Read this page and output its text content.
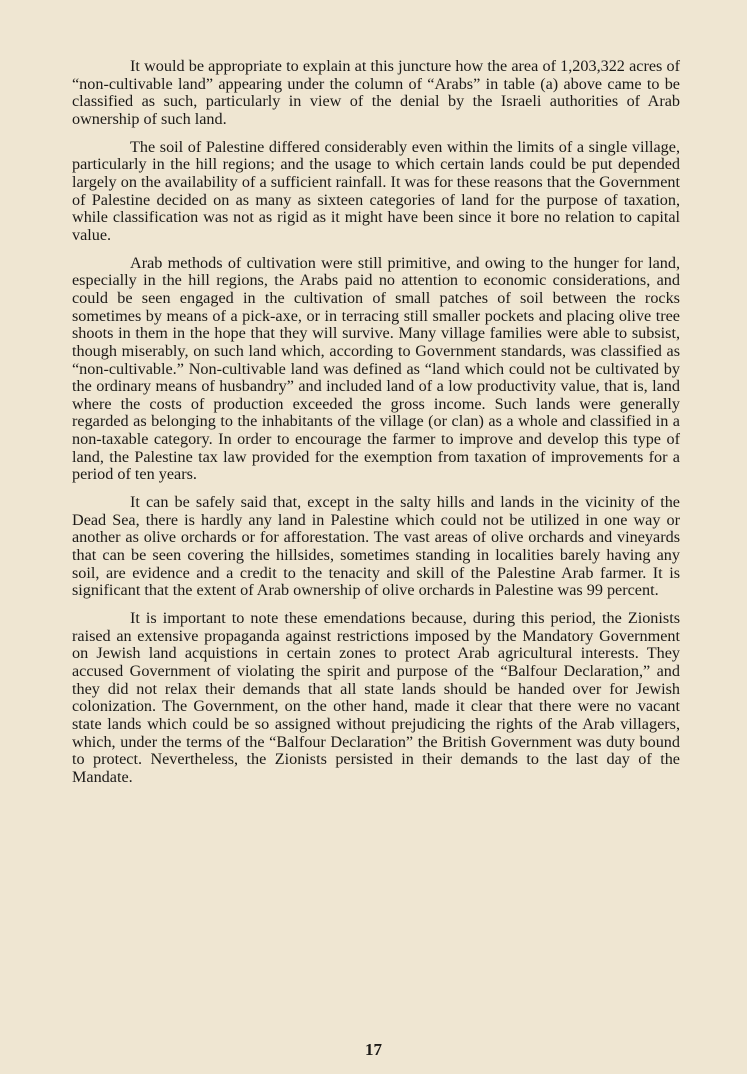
It would be appropriate to explain at this juncture how the area of 1,203,322 acres of “non-cultivable land” appearing under the column of “Arabs” in table (a) above came to be classified as such, particularly in view of the denial by the Israeli authorities of Arab ownership of such land.

The soil of Palestine differed considerably even within the limits of a single village, particularly in the hill regions; and the usage to which certain lands could be put depended largely on the availability of a sufficient rainfall. It was for these reasons that the Government of Palestine decided on as many as sixteen categories of land for the purpose of taxation, while classification was not as rigid as it might have been since it bore no relation to capital value.

Arab methods of cultivation were still primitive, and owing to the hunger for land, especially in the hill regions, the Arabs paid no attention to economic considerations, and could be seen engaged in the cultivation of small patches of soil between the rocks sometimes by means of a pick-axe, or in terracing still smaller pockets and placing olive tree shoots in them in the hope that they will survive. Many village families were able to subsist, though miserably, on such land which, according to Government standards, was classified as “non-cultivable.” Non-cultivable land was defined as “land which could not be cultivated by the ordinary means of husbandry” and included land of a low productivity value, that is, land where the costs of production exceeded the gross income. Such lands were generally regarded as belonging to the inhabitants of the village (or clan) as a whole and classified in a non-taxable category. In order to encourage the farmer to improve and develop this type of land, the Palestine tax law provided for the exemption from taxation of improvements for a period of ten years.

It can be safely said that, except in the salty hills and lands in the vicinity of the Dead Sea, there is hardly any land in Palestine which could not be utilized in one way or another as olive orchards or for afforestation. The vast areas of olive orchards and vineyards that can be seen covering the hillsides, sometimes standing in localities barely having any soil, are evidence and a credit to the tenacity and skill of the Palestine Arab farmer. It is significant that the extent of Arab ownership of olive orchards in Palestine was 99 percent.

It is important to note these emendations because, during this period, the Zionists raised an extensive propaganda against restrictions imposed by the Mandatory Government on Jewish land acquistions in certain zones to protect Arab agricultural interests. They accused Government of violating the spirit and purpose of the “Balfour Declaration,” and they did not relax their demands that all state lands should be handed over for Jewish colonization. The Government, on the other hand, made it clear that there were no vacant state lands which could be so assigned without prejudicing the rights of the Arab villagers, which, under the terms of the “Balfour Declaration” the British Government was duty bound to protect. Nevertheless, the Zionists persisted in their demands to the last day of the Mandate.

17
